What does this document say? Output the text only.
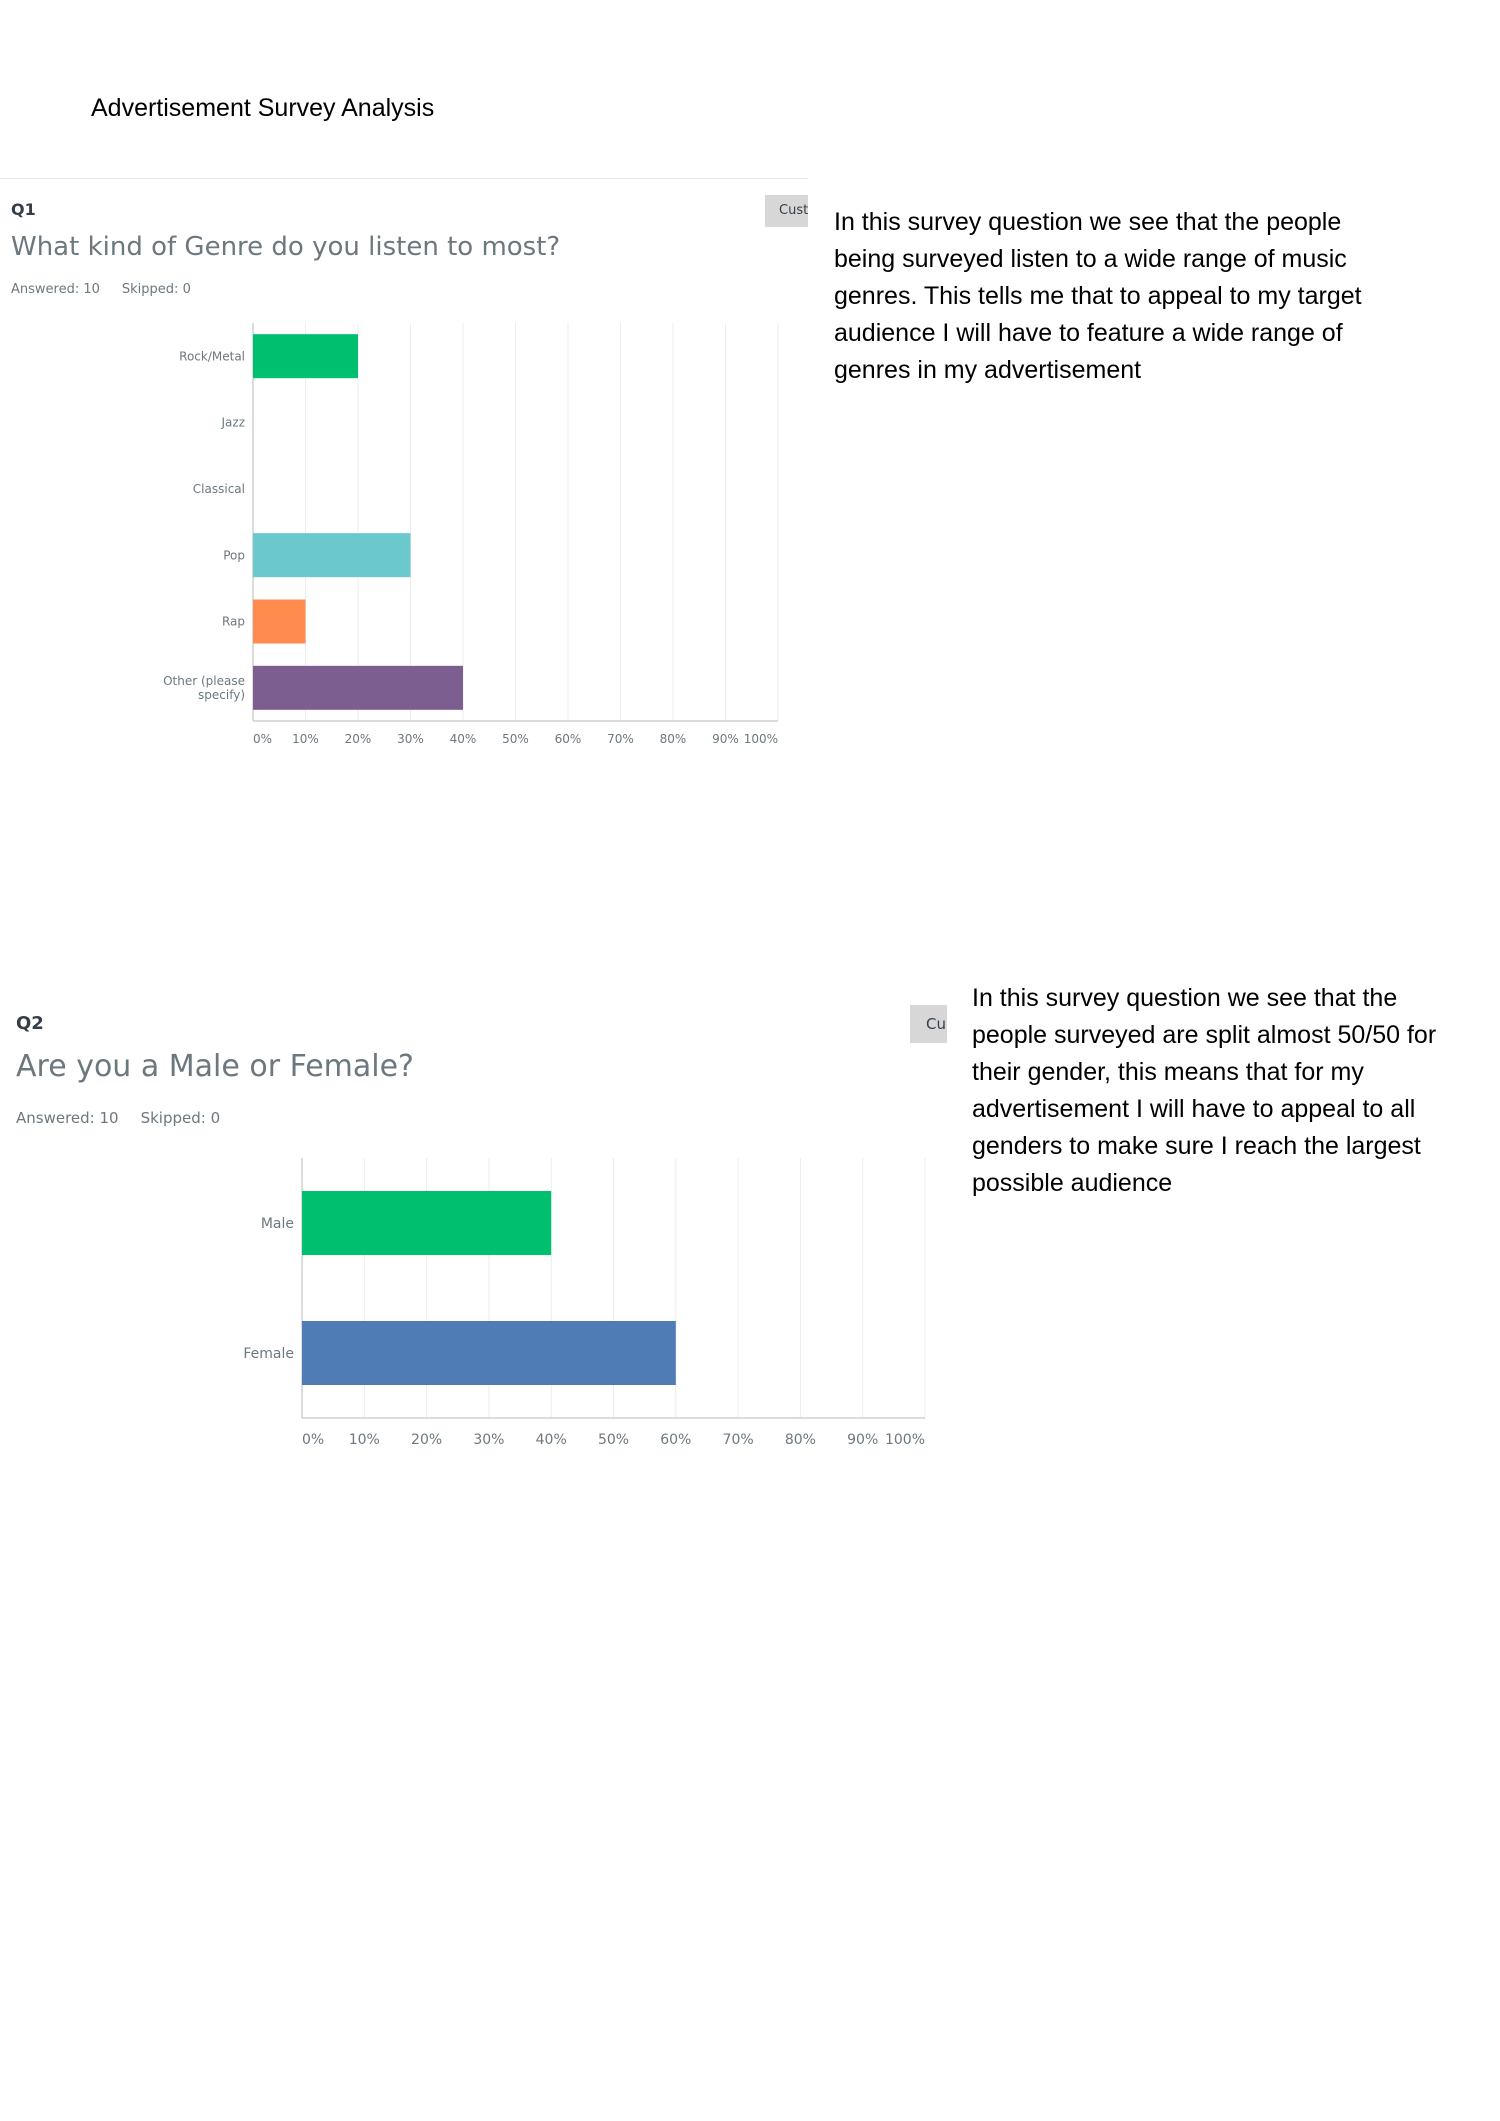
Advertisement Survey Analysis
Q1
What kind of Genre do you listen to most?
Answered: 10 Skipped: 0
Cust
Rock/Metal
Jazz
Classical
Pop
Rap
Other (please specify)
0% 10% 20% 30% 40% 50% 60% 70% 80% 90% 100%
In this survey question we see that the people being surveyed listen to a wide range of music genres. This tells me that to appeal to my target audience I will have to feature a wide range of genres in my advertisement
Q2
Are you a Male or Female?
Answered: 10 Skipped: 0
Cu
Male
Female
0% 10% 20% 30% 40% 50% 60% 70% 80% 90% 100%
In this survey question we see that the people surveyed are split almost 50/50 for their gender, this means that for my advertisement I will have to appeal to all genders to make sure I reach the largest possible audience
